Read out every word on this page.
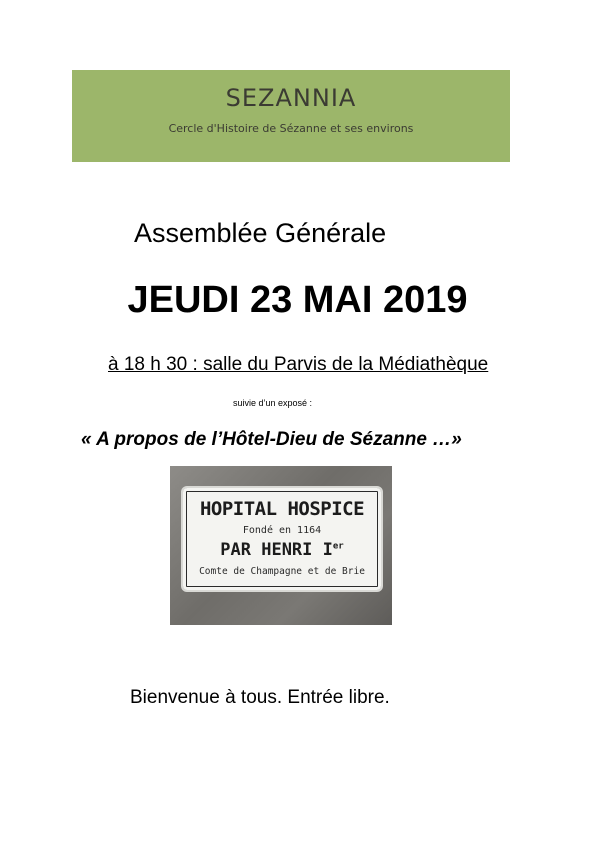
SEZANNIA
Cercle d'Histoire de Sézanne et ses environs
Assemblée Générale
JEUDI 23 MAI 2019
à 18 h 30 : salle du Parvis de la Médiathèque
suivie d’un exposé :
« A propos de l’Hôtel-Dieu de Sézanne …»
HOPITAL HOSPICE
Fondé en 1164
PAR HENRI Ier
Comte de Champagne et de Brie
Bienvenue à tous. Entrée libre.
